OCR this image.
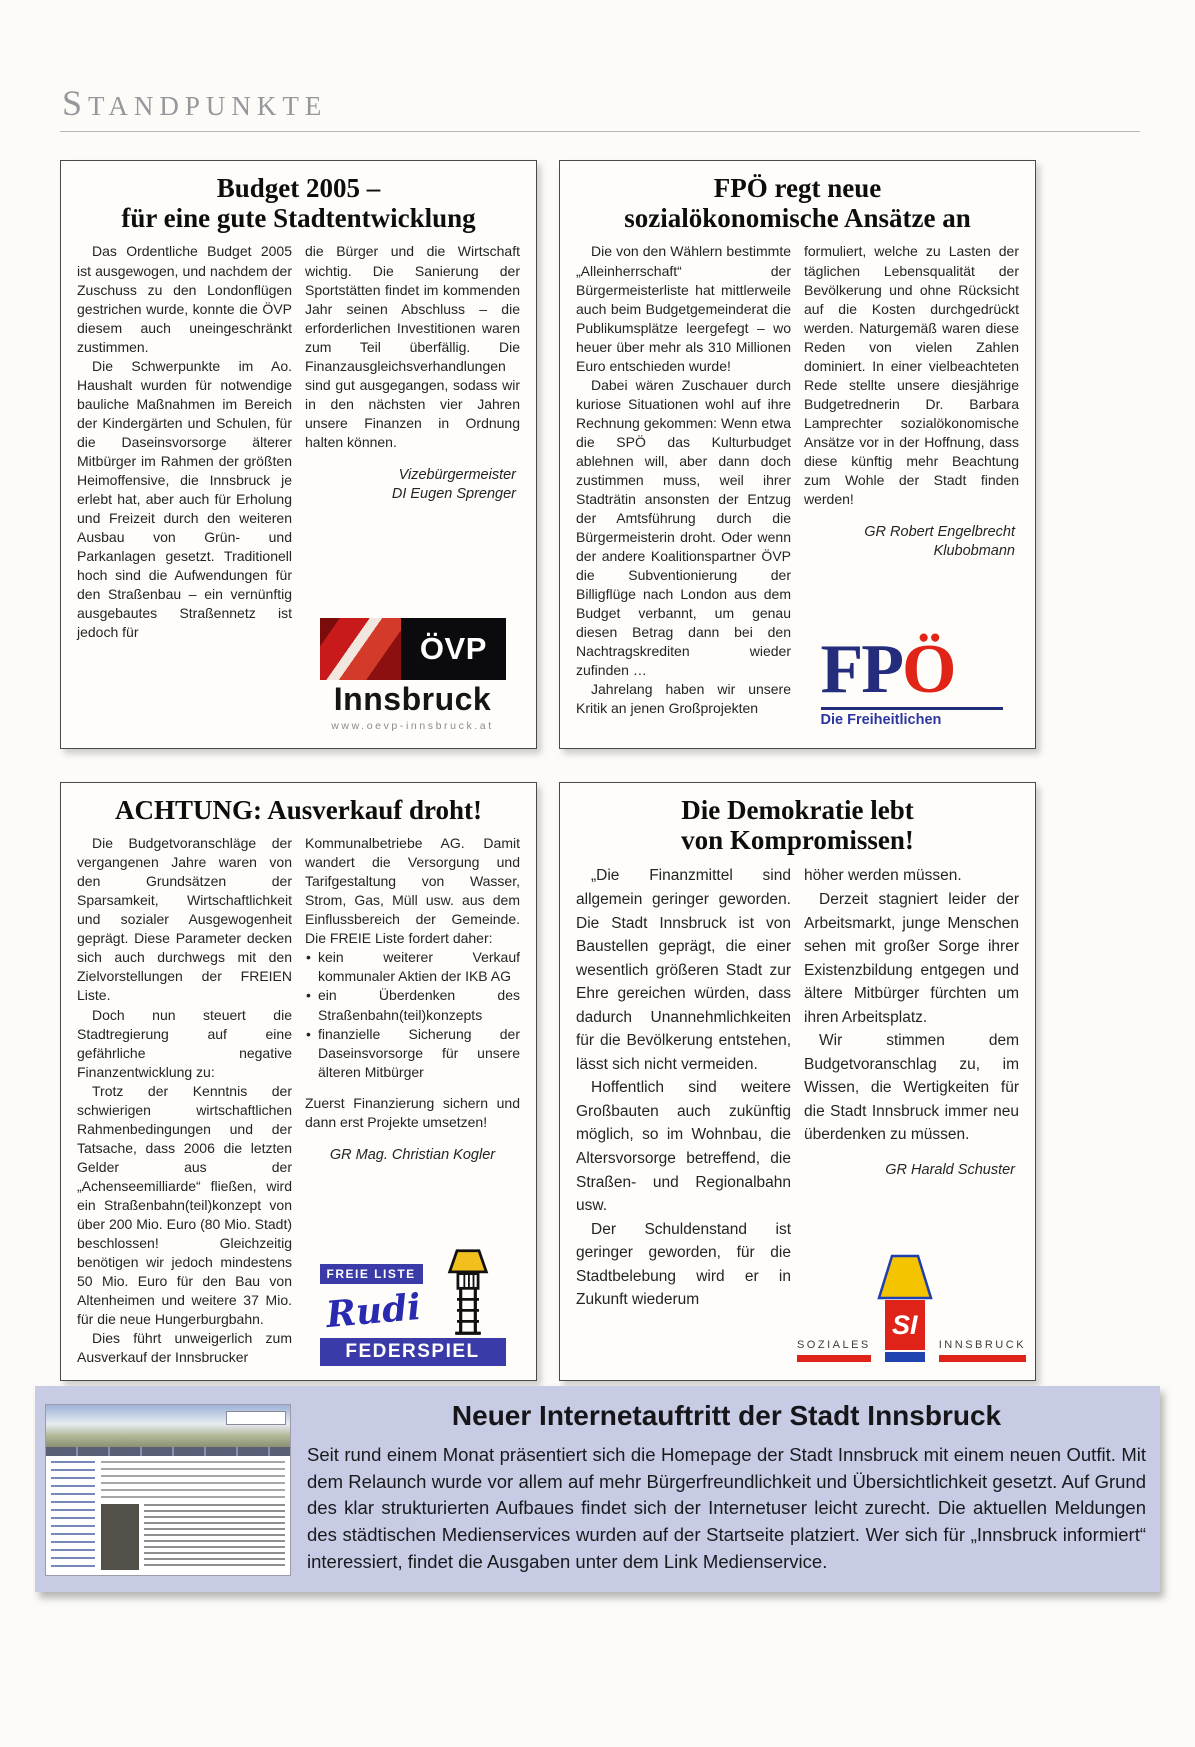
STANDPUNKTE
Budget 2005 –
für eine gute Stadtentwicklung

Das Ordentliche Budget 2005 ist ausgewogen, und nachdem der Zuschuss zu den Londonflügen gestrichen wurde, konnte die ÖVP diesem auch uneingeschränkt zustimmen.

Die Schwerpunkte im Ao. Haushalt wurden für notwendige bauliche Maßnahmen im Bereich der Kindergärten und Schulen, für die Daseinsvorsorge älterer Mitbürger im Rahmen der größten Heimoffensive, die Innsbruck je erlebt hat, aber auch für Erholung und Freizeit durch den weiteren Ausbau von Grün- und Parkanlagen gesetzt. Traditionell hoch sind die Aufwendungen für den Straßenbau – ein vernünftig ausgebautes Straßennetz ist jedoch für

die Bürger und die Wirtschaft wichtig. Die Sanierung der Sportstätten findet im kommenden Jahr seinen Abschluss – die erforderlichen Investitionen waren zum Teil überfällig. Die Finanzausgleichsverhandlungen sind gut ausgegangen, sodass wir in den nächsten vier Jahren unsere Finanzen in Ordnung halten können.

Vizebürgermeister
DI Eugen Sprenger
ÖVP
Innsbruck
www.oevp-innsbruck.at
FPÖ regt neue
sozialökonomische Ansätze an

Die von den Wählern bestimmte „Alleinherrschaft“ der Bürgermeisterliste hat mittlerweile auch beim Budgetgemeinderat die Publikumsplätze leergefegt – wo heuer über mehr als 310 Millionen Euro entschieden wurde!

Dabei wären Zuschauer durch kuriose Situationen wohl auf ihre Rechnung gekommen: Wenn etwa die SPÖ das Kulturbudget ablehnen will, aber dann doch zustimmen muss, weil ihrer Stadträtin ansonsten der Entzug der Amtsführung durch die Bürgermeisterin droht. Oder wenn der andere Koalitionspartner ÖVP die Subventionierung der Billigflüge nach London aus dem Budget verbannt, um genau diesen Betrag dann bei den Nachtragskrediten wieder zufinden …

Jahrelang haben wir unsere Kritik an jenen Großprojekten

formuliert, welche zu Lasten der täglichen Lebensqualität der Bevölkerung und ohne Rücksicht auf die Kosten durchgedrückt werden. Naturgemäß waren diese Reden von vielen Zahlen dominiert. In einer vielbeachteten Rede stellte unsere diesjährige Budgetrednerin Dr. Barbara Lamprechter sozialökonomische Ansätze vor in der Hoffnung, dass diese künftig mehr Beachtung zum Wohle der Stadt finden werden!

GR Robert Engelbrecht
Klubobmann
FPÖ
Die Freiheitlichen
ACHTUNG: Ausverkauf droht!

Die Budgetvoranschläge der vergangenen Jahre waren von den Grundsätzen der Sparsamkeit, Wirtschaftlichkeit und sozialer Ausgewogenheit geprägt. Diese Parameter decken sich auch durchwegs mit den Zielvorstellungen der FREIEN Liste.

Doch nun steuert die Stadtregierung auf eine gefährliche negative Finanzentwicklung zu:

Trotz der Kenntnis der schwierigen wirtschaftlichen Rahmenbedingungen und der Tatsache, dass 2006 die letzten Gelder aus der „Achenseemilliarde“ fließen, wird ein Straßenbahn(teil)konzept von über 200 Mio. Euro (80 Mio. Stadt) beschlossen! Gleichzeitig benötigen wir jedoch mindestens 50 Mio. Euro für den Bau von Altenheimen und weitere 37 Mio. für die neue Hungerburgbahn.

Dies führt unweigerlich zum Ausverkauf der Innsbrucker

Kommunalbetriebe AG. Damit wandert die Versorgung und Tarifgestaltung von Wasser, Strom, Gas, Müll usw. aus dem Einflussbereich der Gemeinde. Die FREIE Liste fordert daher:

• kein weiterer Verkauf kommunaler Aktien der IKB AG

• ein Überdenken des Straßenbahn(teil)konzepts

• finanzielle Sicherung der Daseinsvorsorge für unsere älteren Mitbürger

Zuerst Finanzierung sichern und dann erst Projekte umsetzen!

GR Mag. Christian Kogler
FREIE LISTE
Rudi
FEDERSPIEL
Die Demokratie lebt
von Kompromissen!

„Die Finanzmittel sind allgemein geringer geworden. Die Stadt Innsbruck ist von Baustellen geprägt, die einer wesentlich größeren Stadt zur Ehre gereichen würden, dass dadurch Unannehmlichkeiten für die Bevölkerung entstehen, lässt sich nicht vermeiden.

Hoffentlich sind weitere Großbauten auch zukünftig möglich, so im Wohnbau, die Altersvorsorge betreffend, die Straßen- und Regionalbahn usw.

Der Schuldenstand ist geringer geworden, für die Stadtbelebung wird er in Zukunft wiederum

höher werden müssen.

Derzeit stagniert leider der Arbeitsmarkt, junge Menschen sehen mit großer Sorge ihrer Existenzbildung entgegen und ältere Mitbürger fürchten um ihren Arbeitsplatz.

Wir stimmen dem Budgetvoranschlag zu, im Wissen, die Wertigkeiten für die Stadt Innsbruck immer neu überdenken zu müssen.

GR Harald Schuster
SOZIALES
SI
INNSBRUCK
Neuer Internetauftritt der Stadt Innsbruck

Seit rund einem Monat präsentiert sich die Homepage der Stadt Innsbruck mit einem neuen Outfit. Mit dem Relaunch wurde vor allem auf mehr Bürgerfreundlichkeit und Übersichtlichkeit gesetzt. Auf Grund des klar strukturierten Aufbaues findet sich der Internetuser leicht zurecht. Die aktuellen Meldungen des städtischen Medienservices wurden auf der Startseite platziert. Wer sich für „Innsbruck informiert“ interessiert, findet die Ausgaben unter dem Link Medienservice.
